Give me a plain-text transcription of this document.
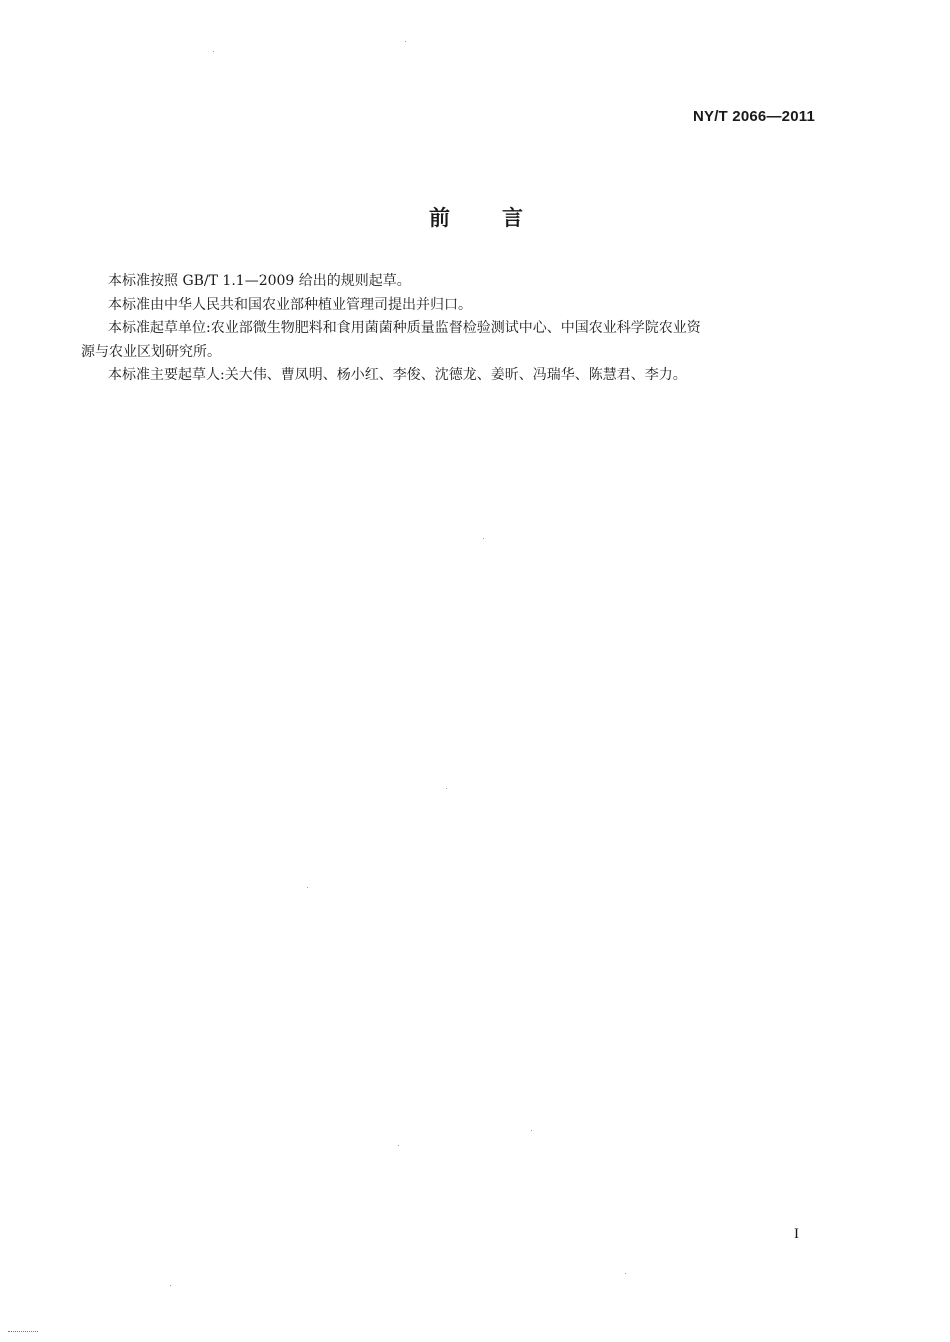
NY/T 2066—2011
前言

本标准按照 GB/T 1.1—2009 给出的规则起草。

本标准由中华人民共和国农业部种植业管理司提出并归口。

本标准起草单位:农业部微生物肥料和食用菌菌种质量监督检验测试中心、中国农业科学院农业资
源与农业区划研究所。

本标准主要起草人:关大伟、曹凤明、杨小红、李俊、沈德龙、姜昕、冯瑞华、陈慧君、李力。

I
